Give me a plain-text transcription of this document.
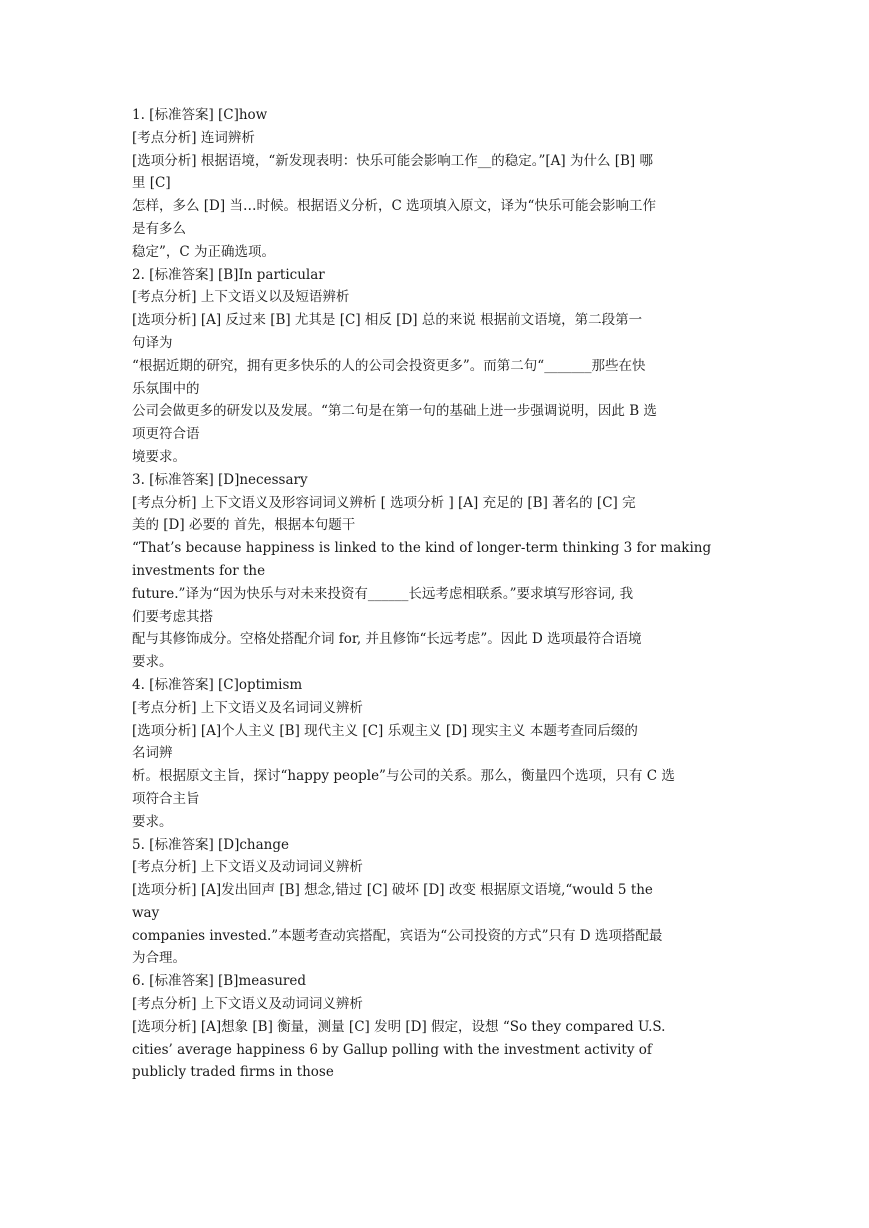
1. [标准答案] [C]how
[考点分析] 连词辨析
[选项分析] 根据语境，“新发现表明：快乐可能会影响工作__的稳定。”[A] 为什么 [B] 哪
里 [C]
怎样，多么 [D] 当…时候。根据语义分析，C 选项填入原文，译为“快乐可能会影响工作
是有多么
稳定”，C 为正确选项。
2. [标准答案] [B]In particular
[考点分析] 上下文语义以及短语辨析
[选项分析] [A] 反过来 [B] 尤其是 [C] 相反 [D] 总的来说 根据前文语境，第二段第一
句译为
“根据近期的研究，拥有更多快乐的人的公司会投资更多”。而第二句“_______那些在快
乐氛围中的
公司会做更多的研发以及发展。“第二句是在第一句的基础上进一步强调说明，因此 B 选
项更符合语
境要求。
3. [标准答案] [D]necessary
[考点分析] 上下文语义及形容词词义辨析 [ 选项分析 ] [A] 充足的 [B] 著名的 [C] 完
美的 [D] 必要的 首先，根据本句题干
“That’s because happiness is linked to the kind of longer-term thinking 3 for making
investments for the
future.”译为“因为快乐与对未来投资有______长远考虑相联系。”要求填写形容词, 我
们要考虑其搭
配与其修饰成分。空格处搭配介词 for, 并且修饰“长远考虑”。因此 D 选项最符合语境
要求。
4. [标准答案] [C]optimism
[考点分析] 上下文语义及名词词义辨析
[选项分析] [A]个人主义 [B] 现代主义 [C] 乐观主义 [D] 现实主义 本题考查同后缀的
名词辨
析。根据原文主旨，探讨“happy people”与公司的关系。那么，衡量四个选项，只有 C 选
项符合主旨
要求。
5. [标准答案] [D]change
[考点分析] 上下文语义及动词词义辨析
[选项分析] [A]发出回声 [B] 想念,错过 [C] 破坏 [D] 改变 根据原文语境,“would 5 the
way
companies invested.”本题考查动宾搭配，宾语为“公司投资的方式”只有 D 选项搭配最
为合理。
6. [标准答案] [B]measured
[考点分析] 上下文语义及动词词义辨析
[选项分析] [A]想象 [B] 衡量，测量 [C] 发明 [D] 假定，设想 “So they compared U.S.
cities’ average happiness 6 by Gallup polling with the investment activity of
publicly traded firms in those
